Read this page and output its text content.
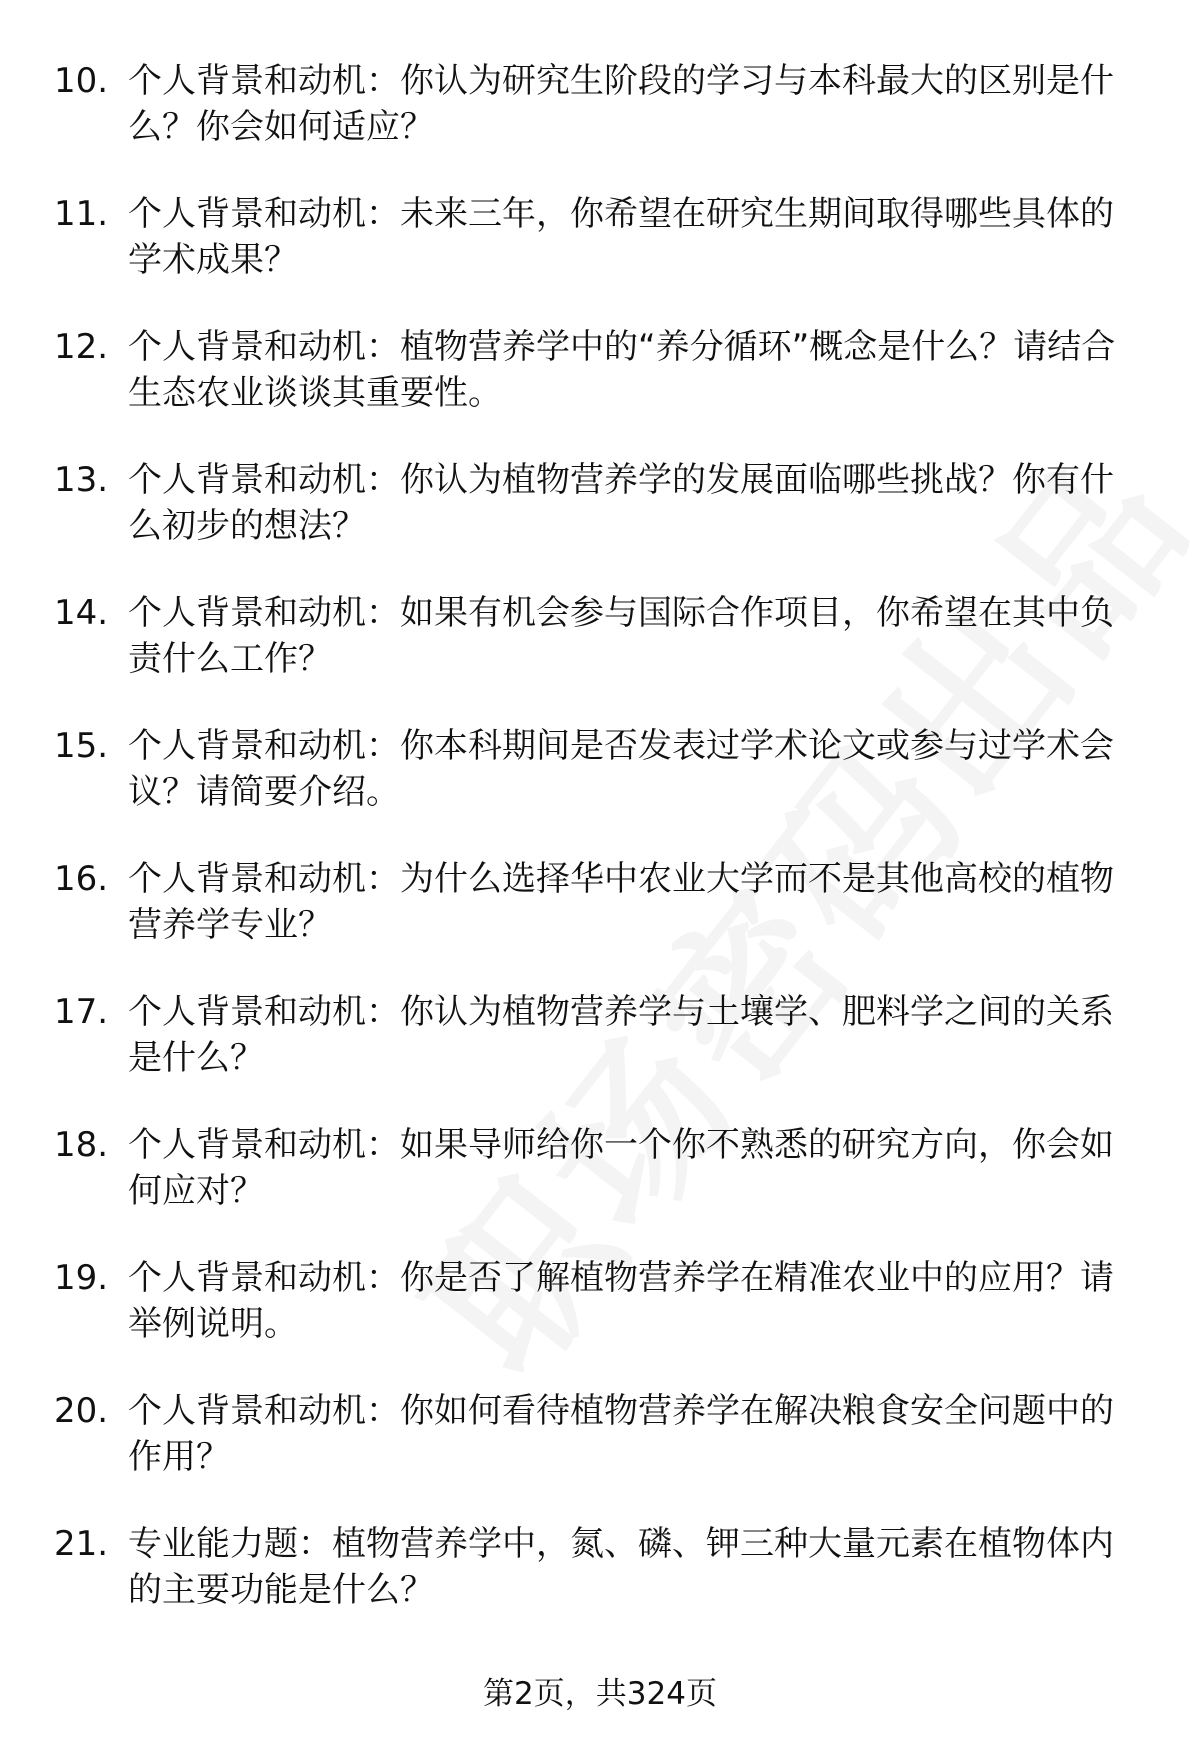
10. 个人背景和动机：你认为研究生阶段的学习与本科最大的区别是什么？你会如何适应？
11. 个人背景和动机：未来三年，你希望在研究生期间取得哪些具体的学术成果？
12. 个人背景和动机：植物营养学中的“养分循环”概念是什么？请结合生态农业谈谈其重要性。
13. 个人背景和动机：你认为植物营养学的发展面临哪些挑战？你有什么初步的想法？
14. 个人背景和动机：如果有机会参与国际合作项目，你希望在其中负责什么工作？
15. 个人背景和动机：你本科期间是否发表过学术论文或参与过学术会议？请简要介绍。
16. 个人背景和动机：为什么选择华中农业大学而不是其他高校的植物营养学专业？
17. 个人背景和动机：你认为植物营养学与土壤学、肥料学之间的关系是什么？
18. 个人背景和动机：如果导师给你一个你不熟悉的研究方向，你会如何应对？
19. 个人背景和动机：你是否了解植物营养学在精准农业中的应用？请举例说明。
20. 个人背景和动机：你如何看待植物营养学在解决粮食安全问题中的作用？
21. 专业能力题：植物营养学中，氮、磷、钾三种大量元素在植物体内的主要功能是什么？
第2页，共324页
